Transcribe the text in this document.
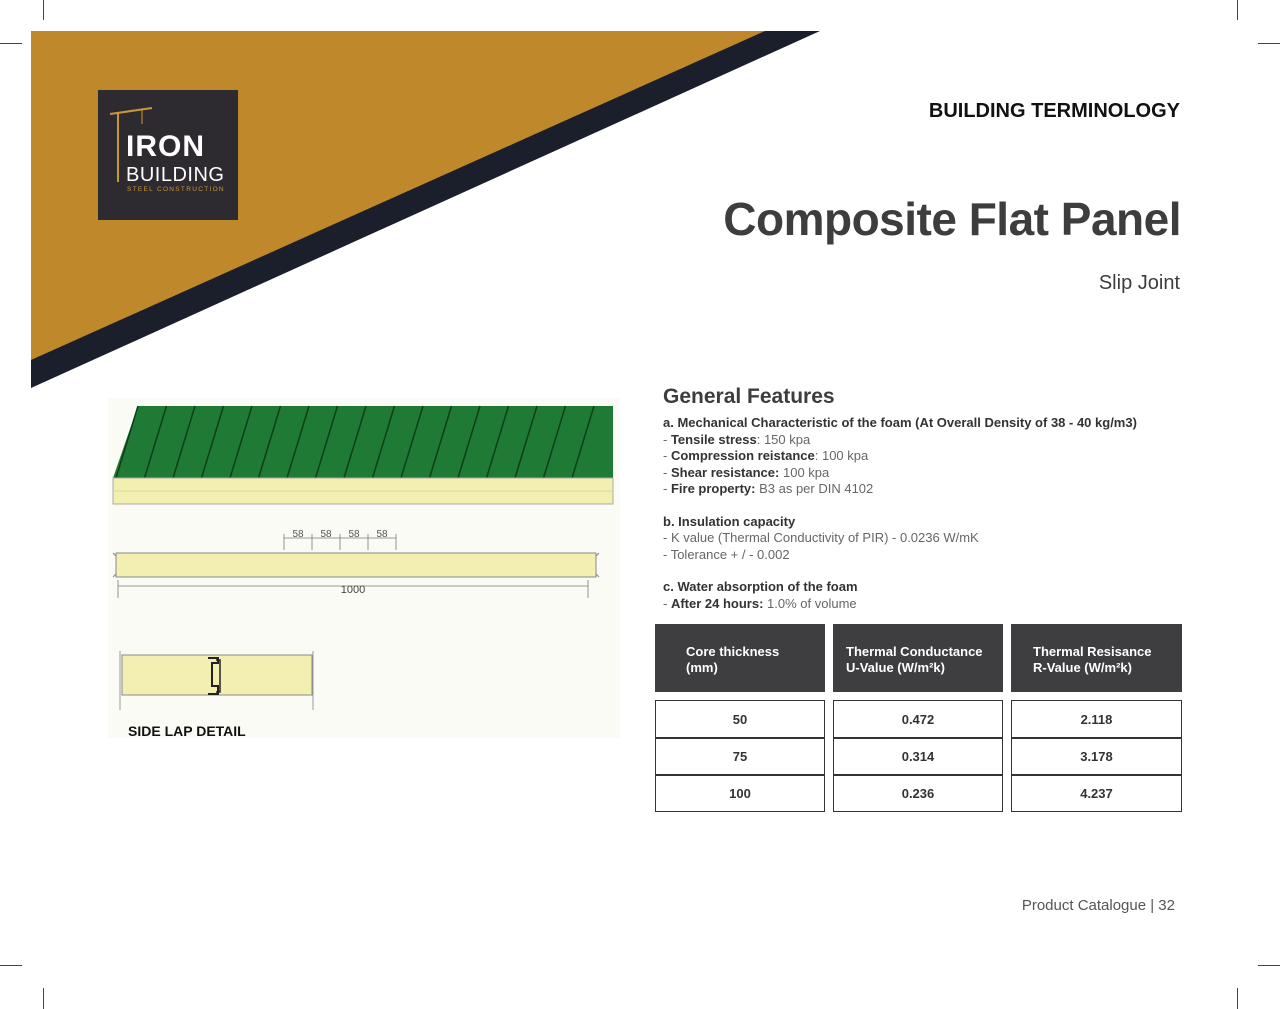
IRON
BUILDING
STEEL CONSTRUCTION
BUILDING TERMINOLOGY
Composite Flat Panel
Slip Joint
58 58 58 58
1000
SIDE LAP DETAIL
General Features
a. Mechanical Characteristic of the foam (At Overall Density of 38 - 40 kg/m3)
- Tensile stress: 150 kpa
- Compression reistance: 100 kpa
- Shear resistance: 100 kpa
- Fire property: B3 as per DIN 4102
b. Insulation capacity
- K value (Thermal Conductivity of PIR) - 0.0236 W/mK
- Tolerance + / - 0.002
c. Water absorption of the foam
- After 24 hours: 1.0% of volume
Core thickness
(mm)
Thermal Conductance
U-Value (W/m²k)
Thermal Resisance
R-Value (W/m²k)
50	0.472	2.118
75	0.314	3.178
100	0.236	4.237
Product Catalogue | 32
